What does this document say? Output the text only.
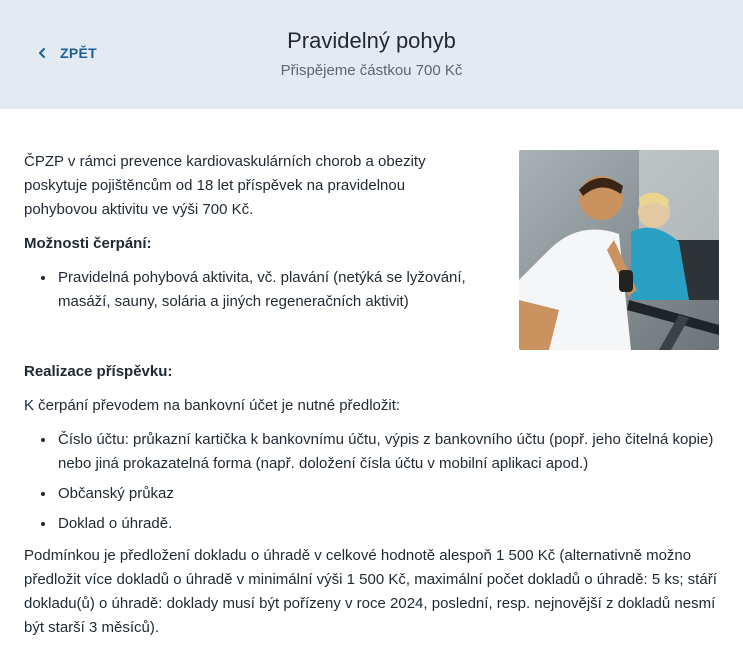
ZPĚT	Pravidelný pohyb
Přispějeme částkou 700 Kč

ČPZP v rámci prevence kardiovaskulárních chorob a obezity poskytuje pojištěncům od 18 let příspěvek na pravidelnou pohybovou aktivitu ve výši 700 Kč.

Možnosti čerpání:
• Pravidelná pohybová aktivita, vč. plavání (netýká se lyžování, masáží, sauny, solária a jiných regeneračních aktivit)
Realizace příspěvku:

K čerpání převodem na bankovní účet je nutné předložit:

• Číslo účtu: průkazní kartička k bankovnímu účtu, výpis z bankovního účtu (popř. jeho čitelná kopie) nebo jiná prokazatelná forma (např. doložení čísla účtu v mobilní aplikaci apod.)
• Občanský průkaz
• Doklad o úhradě.

Podmínkou je předložení dokladu o úhradě v celkové hodnotě alespoň 1 500 Kč (alternativně možno předložit více dokladů o úhradě v minimální výši 1 500 Kč, maximální počet dokladů o úhradě: 5 ks; stáří dokladu(ů) o úhradě: doklady musí být pořízeny v roce 2024, poslední, resp. nejnovější z dokladů nesmí být starší 3 měsíců).
